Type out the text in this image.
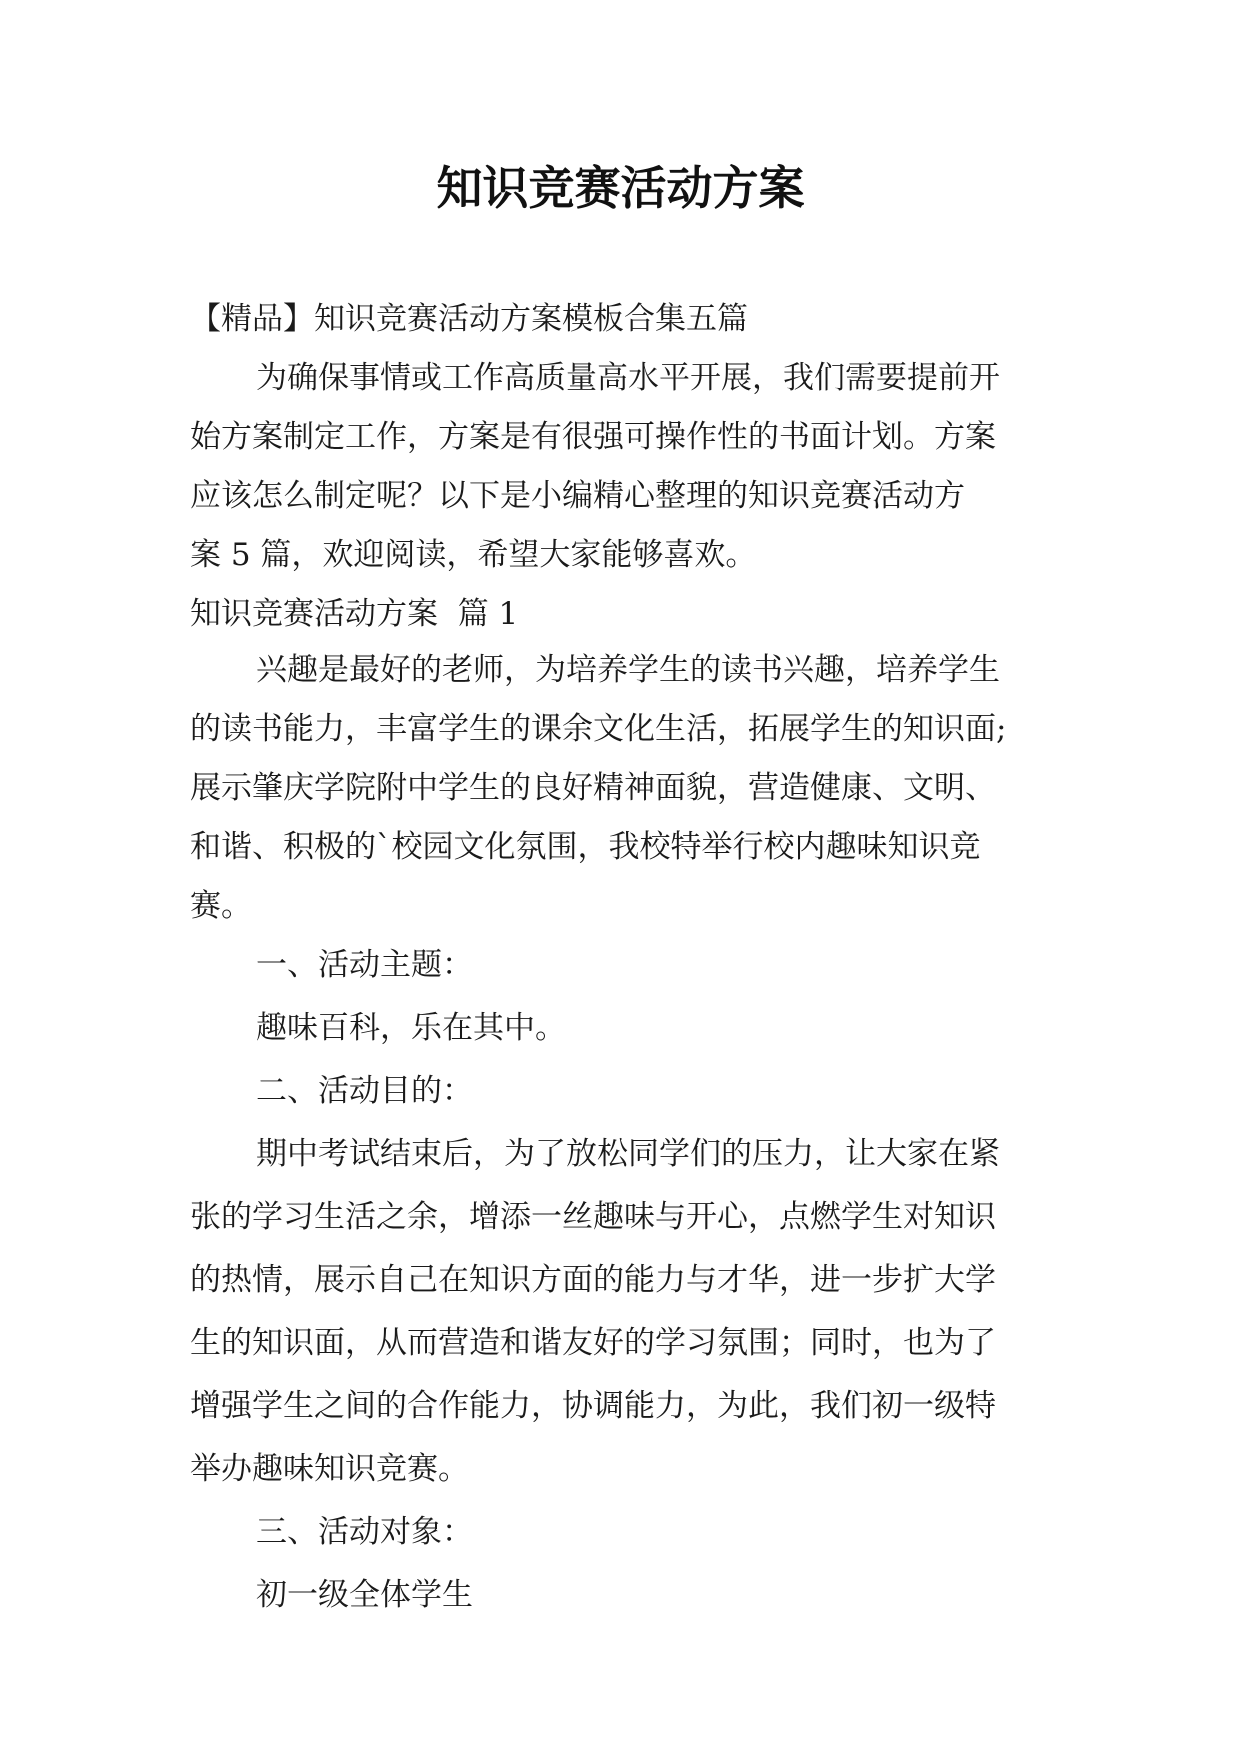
知识竞赛活动方案
【精品】知识竞赛活动方案模板合集五篇
为确保事情或工作高质量高水平开展，我们需要提前开
始方案制定工作，方案是有很强可操作性的书面计划。方案
应该怎么制定呢？以下是小编精心整理的知识竞赛活动方
案 5 篇，欢迎阅读，希望大家能够喜欢。
知识竞赛活动方案  篇 1
兴趣是最好的老师，为培养学生的读书兴趣，培养学生
的读书能力，丰富学生的课余文化生活，拓展学生的知识面;
展示肇庆学院附中学生的良好精神面貌，营造健康、文明、
和谐、积极的`校园文化氛围，我校特举行校内趣味知识竞
赛。
一、活动主题：
趣味百科，乐在其中。
二、活动目的：
期中考试结束后，为了放松同学们的压力，让大家在紧
张的学习生活之余，增添一丝趣味与开心，点燃学生对知识
的热情，展示自己在知识方面的能力与才华，进一步扩大学
生的知识面，从而营造和谐友好的学习氛围；同时，也为了
增强学生之间的合作能力，协调能力，为此，我们初一级特
举办趣味知识竞赛。
三、活动对象：
初一级全体学生
